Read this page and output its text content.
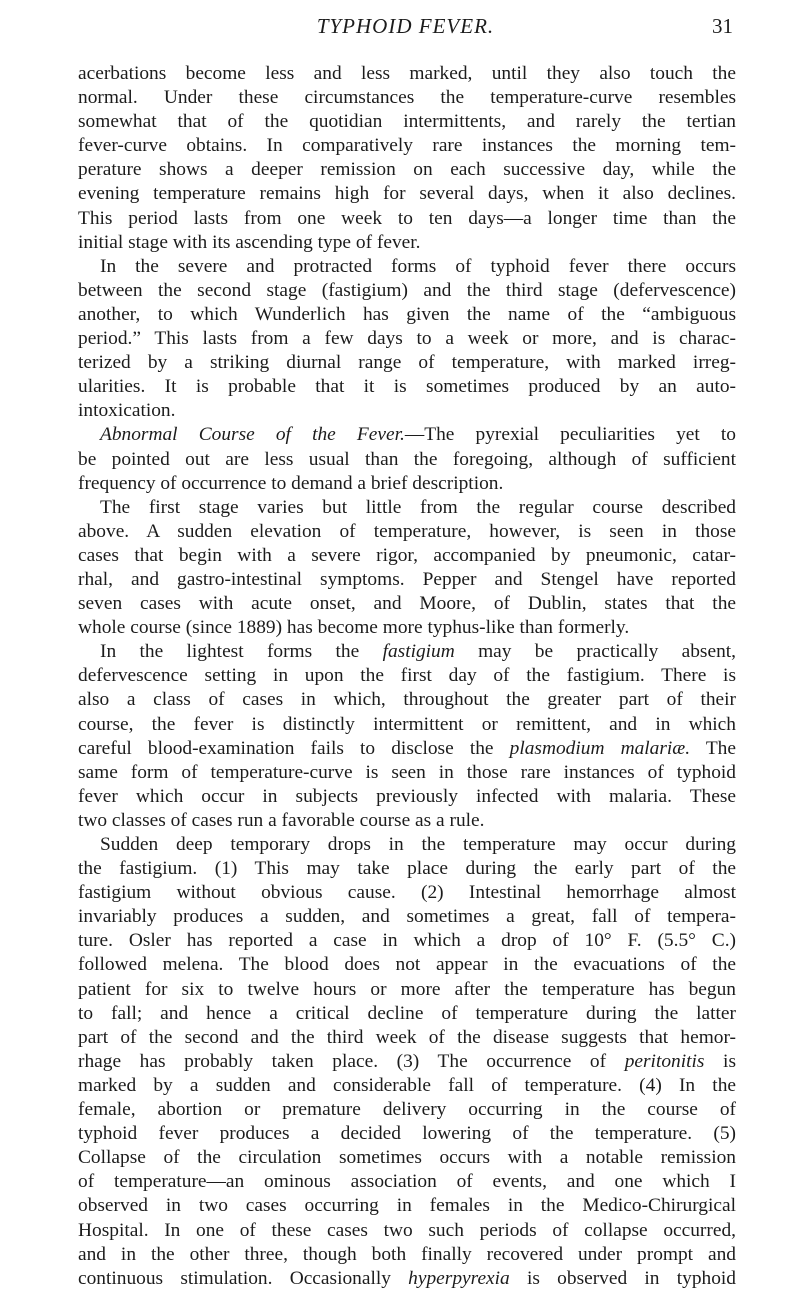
TYPHOID FEVER.	31
acerbations become less and less marked, until they also touch the
normal. Under these circumstances the temperature-curve resembles
somewhat that of the quotidian intermittents, and rarely the tertian
fever-curve obtains. In comparatively rare instances the morning tem-
perature shows a deeper remission on each successive day, while the
evening temperature remains high for several days, when it also declines.
This period lasts from one week to ten days—a longer time than the
initial stage with its ascending type of fever.
In the severe and protracted forms of typhoid fever there occurs
between the second stage (fastigium) and the third stage (defervescence)
another, to which Wunderlich has given the name of the “ambiguous
period.” This lasts from a few days to a week or more, and is charac-
terized by a striking diurnal range of temperature, with marked irreg-
ularities. It is probable that it is sometimes produced by an auto-
intoxication.
Abnormal Course of the Fever.—The pyrexial peculiarities yet to
be pointed out are less usual than the foregoing, although of sufficient
frequency of occurrence to demand a brief description.
The first stage varies but little from the regular course described
above. A sudden elevation of temperature, however, is seen in those
cases that begin with a severe rigor, accompanied by pneumonic, catar-
rhal, and gastro-intestinal symptoms. Pepper and Stengel have reported
seven cases with acute onset, and Moore, of Dublin, states that the
whole course (since 1889) has become more typhus-like than formerly.
In the lightest forms the fastigium may be practically absent,
defervescence setting in upon the first day of the fastigium. There is
also a class of cases in which, throughout the greater part of their
course, the fever is distinctly intermittent or remittent, and in which
careful blood-examination fails to disclose the plasmodium malariæ. The
same form of temperature-curve is seen in those rare instances of typhoid
fever which occur in subjects previously infected with malaria. These
two classes of cases run a favorable course as a rule.
Sudden deep temporary drops in the temperature may occur during
the fastigium. (1) This may take place during the early part of the
fastigium without obvious cause. (2) Intestinal hemorrhage almost
invariably produces a sudden, and sometimes a great, fall of tempera-
ture. Osler has reported a case in which a drop of 10° F. (5.5° C.)
followed melena. The blood does not appear in the evacuations of the
patient for six to twelve hours or more after the temperature has begun
to fall; and hence a critical decline of temperature during the latter
part of the second and the third week of the disease suggests that hemor-
rhage has probably taken place. (3) The occurrence of peritonitis is
marked by a sudden and considerable fall of temperature. (4) In the
female, abortion or premature delivery occurring in the course of
typhoid fever produces a decided lowering of the temperature. (5)
Collapse of the circulation sometimes occurs with a notable remission
of temperature—an ominous association of events, and one which I
observed in two cases occurring in females in the Medico-Chirurgical
Hospital. In one of these cases two such periods of collapse occurred,
and in the other three, though both finally recovered under prompt and
continuous stimulation. Occasionally hyperpyrexia is observed in typhoid
